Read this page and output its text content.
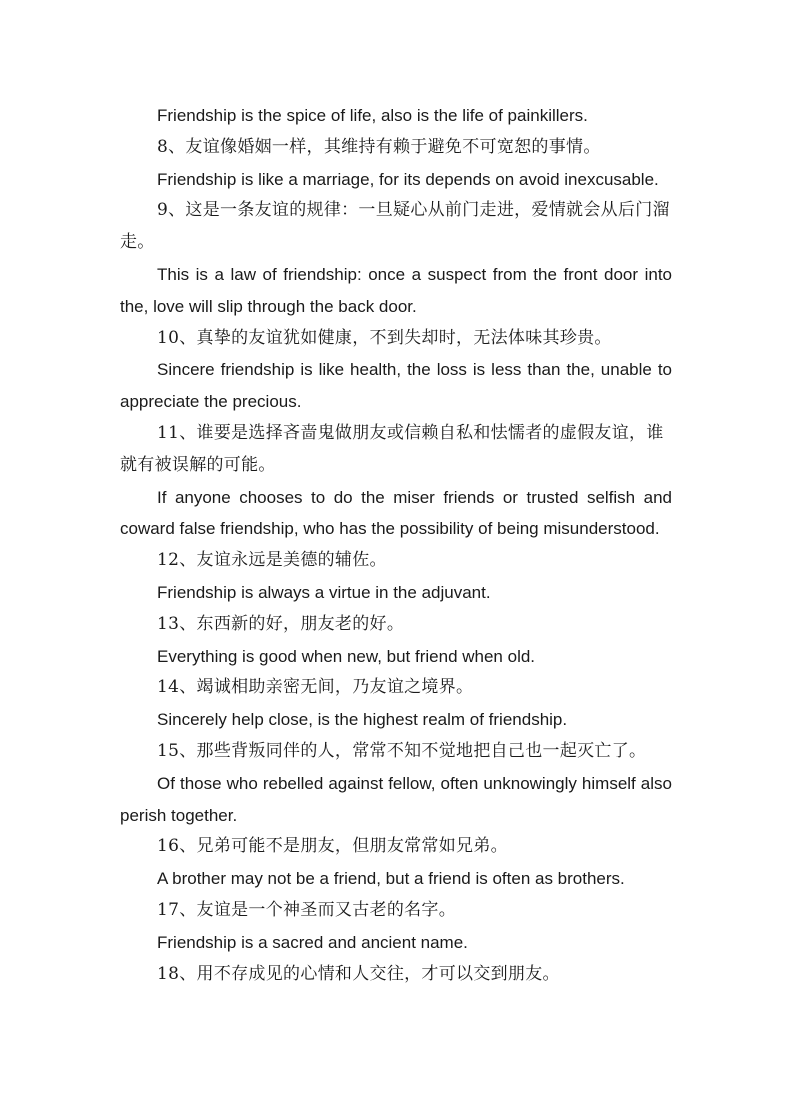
Friendship is the spice of life, also is the life of painkillers.

8、友谊像婚姻一样，其维持有赖于避免不可宽恕的事情。

Friendship is like a marriage, for its depends on avoid inexcusable.

9、这是一条友谊的规律：一旦疑心从前门走进，爱情就会从后门溜走。

This is a law of friendship: once a suspect from the front door into the, love will slip through the back door.

10、真挚的友谊犹如健康，不到失却时，无法体味其珍贵。

Sincere friendship is like health, the loss is less than the, unable to appreciate the precious.

11、谁要是选择吝啬鬼做朋友或信赖自私和怯懦者的虚假友谊，谁就有被误解的可能。

If anyone chooses to do the miser friends or trusted selfish and coward false friendship, who has the possibility of being misunderstood.

12、友谊永远是美德的辅佐。

Friendship is always a virtue in the adjuvant.

13、东西新的好，朋友老的好。

Everything is good when new, but friend when old.

14、竭诚相助亲密无间，乃友谊之境界。

Sincerely help close, is the highest realm of friendship.

15、那些背叛同伴的人，常常不知不觉地把自己也一起灭亡了。

Of those who rebelled against fellow, often unknowingly himself also perish together.

16、兄弟可能不是朋友，但朋友常常如兄弟。

A brother may not be a friend, but a friend is often as brothers.

17、友谊是一个神圣而又古老的名字。

Friendship is a sacred and ancient name.

18、用不存成见的心情和人交往，才可以交到朋友。
